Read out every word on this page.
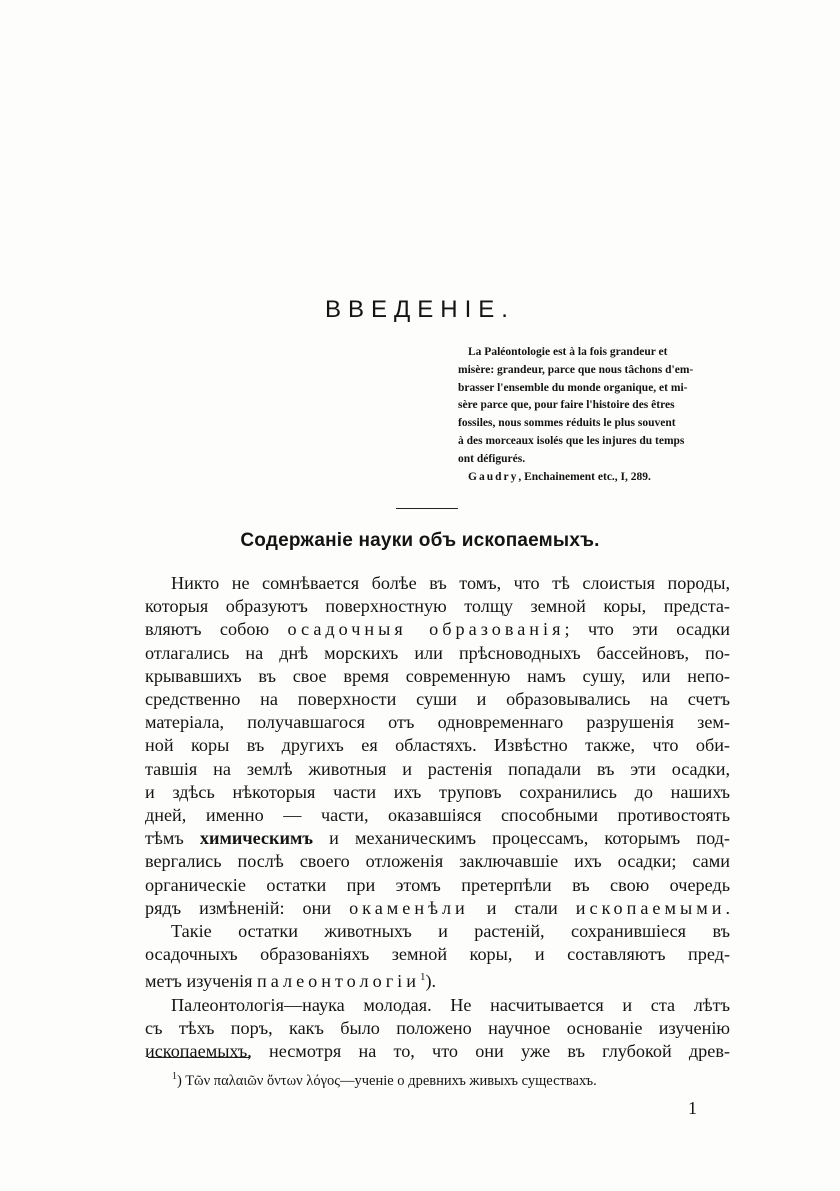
ВВЕДЕНІЕ.
La Paléontologie est à la fois grandeur et
misère: grandeur, parce que nous tâchons d'em-
brasser l'ensemble du monde organique, et mi-
sère parce que, pour faire l'histoire des êtres
fossiles, nous sommes réduits le plus souvent
à des morceaux isolés que les injures du temps
ont défigurés.
Gaudry, Enchainement etc., I, 289.
Содержаніе науки объ ископаемыхъ.
Никто не сомнѣвается болѣе въ томъ, что тѣ слоистыя породы,
которыя образуютъ поверхностную толщу земной коры, предста-
вляютъ собою осадочныя образованія; что эти осадки
отлагались на днѣ морскихъ или прѣсноводныхъ бассейновъ, по-
крывавшихъ въ свое время современную намъ сушу, или непо-
средственно на поверхности суши и образовывались на счетъ
матеріала, получавшагося отъ одновременнаго разрушенія зем-
ной коры въ другихъ ея областяхъ. Извѣстно также, что оби-
тавшія на землѣ животныя и растенія попадали въ эти осадки,
и здѣсь нѣкоторыя части ихъ труповъ сохранились до нашихъ
дней, именно — части, оказавшіяся способными противостоять
тѣмъ химическимъ и механическимъ процессамъ, которымъ под-
вергались послѣ своего отложенія заключавшіе ихъ осадки; сами
органическіе остатки при этомъ претерпѣли въ свою очередь
рядъ измѣненій: они окаменѣли и стали ископаемыми.
Такіе остатки животныхъ и растеній, сохранившіеся въ
осадочныхъ образованіяхъ земной коры, и составляютъ пред-
метъ изученія палеонтологіи$^1$).
Палеонтологія—наука молодая. Не насчитывается и ста лѣтъ
съ тѣхъ поръ, какъ было положено научное основаніе изученію
ископаемыхъ, несмотря на то, что они уже въ глубокой древ-
$^1$) Τῶν παλαιῶν ὄντων λόγος—ученіе о древнихъ живыхъ существахъ.
1
